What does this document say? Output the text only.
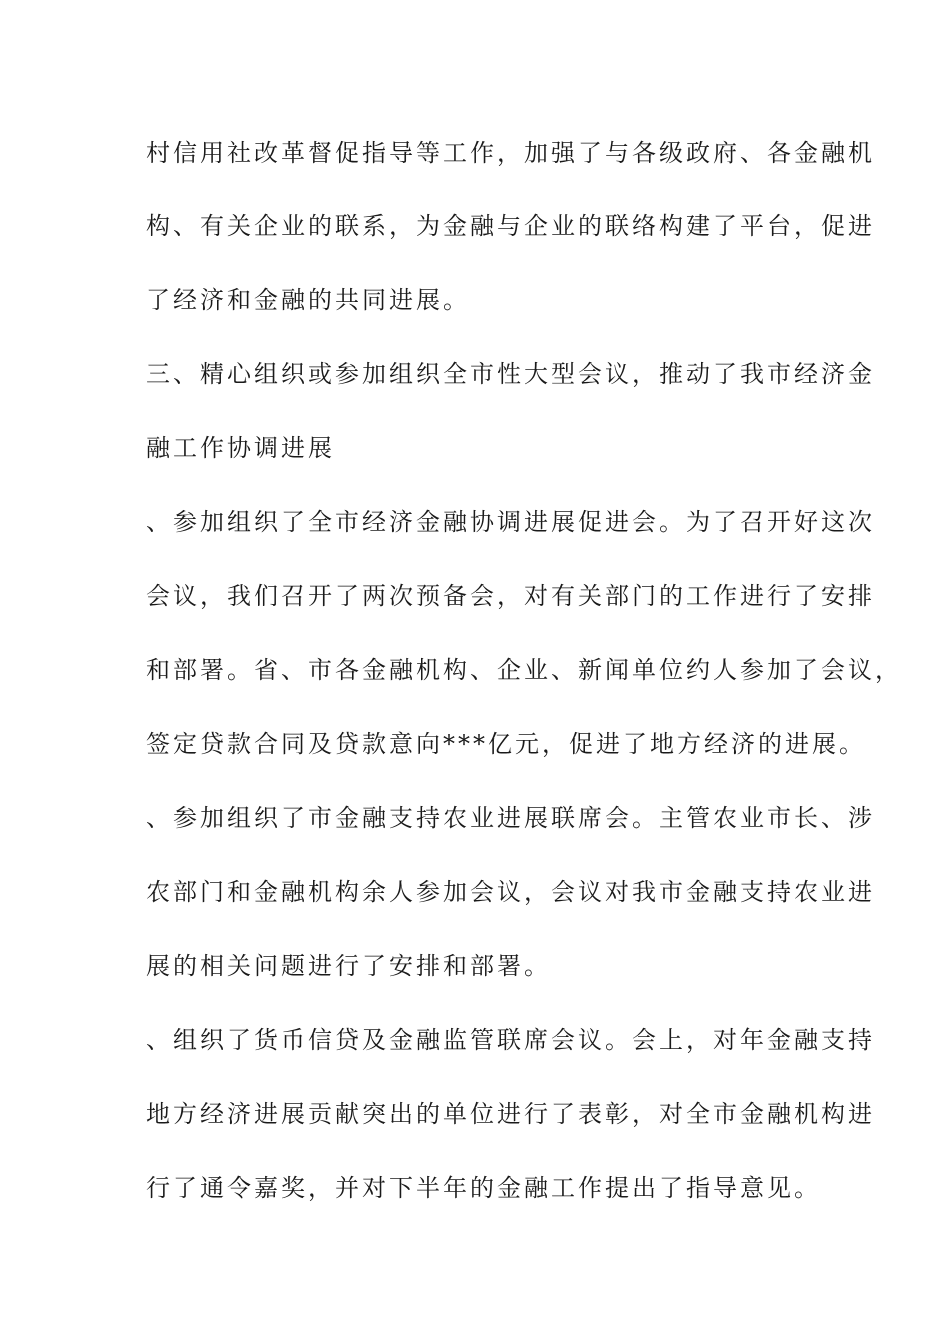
村信用社改革督促指导等工作，加强了与各级政府、各金融机
构、有关企业的联系，为金融与企业的联络构建了平台，促进
了经济和金融的共同进展。
三、精心组织或参加组织全市性大型会议，推动了我市经济金
融工作协调进展
、参加组织了全市经济金融协调进展促进会。为了召开好这次
会议，我们召开了两次预备会，对有关部门的工作进行了安排
和部署。省、市各金融机构、企业、新闻单位约人参加了会议，
签定贷款合同及贷款意向***亿元，促进了地方经济的进展。
、参加组织了市金融支持农业进展联席会。主管农业市长、涉
农部门和金融机构余人参加会议，会议对我市金融支持农业进
展的相关问题进行了安排和部署。
、组织了货币信贷及金融监管联席会议。会上，对年金融支持
地方经济进展贡献突出的单位进行了表彰，对全市金融机构进
行了通令嘉奖，并对下半年的金融工作提出了指导意见。
